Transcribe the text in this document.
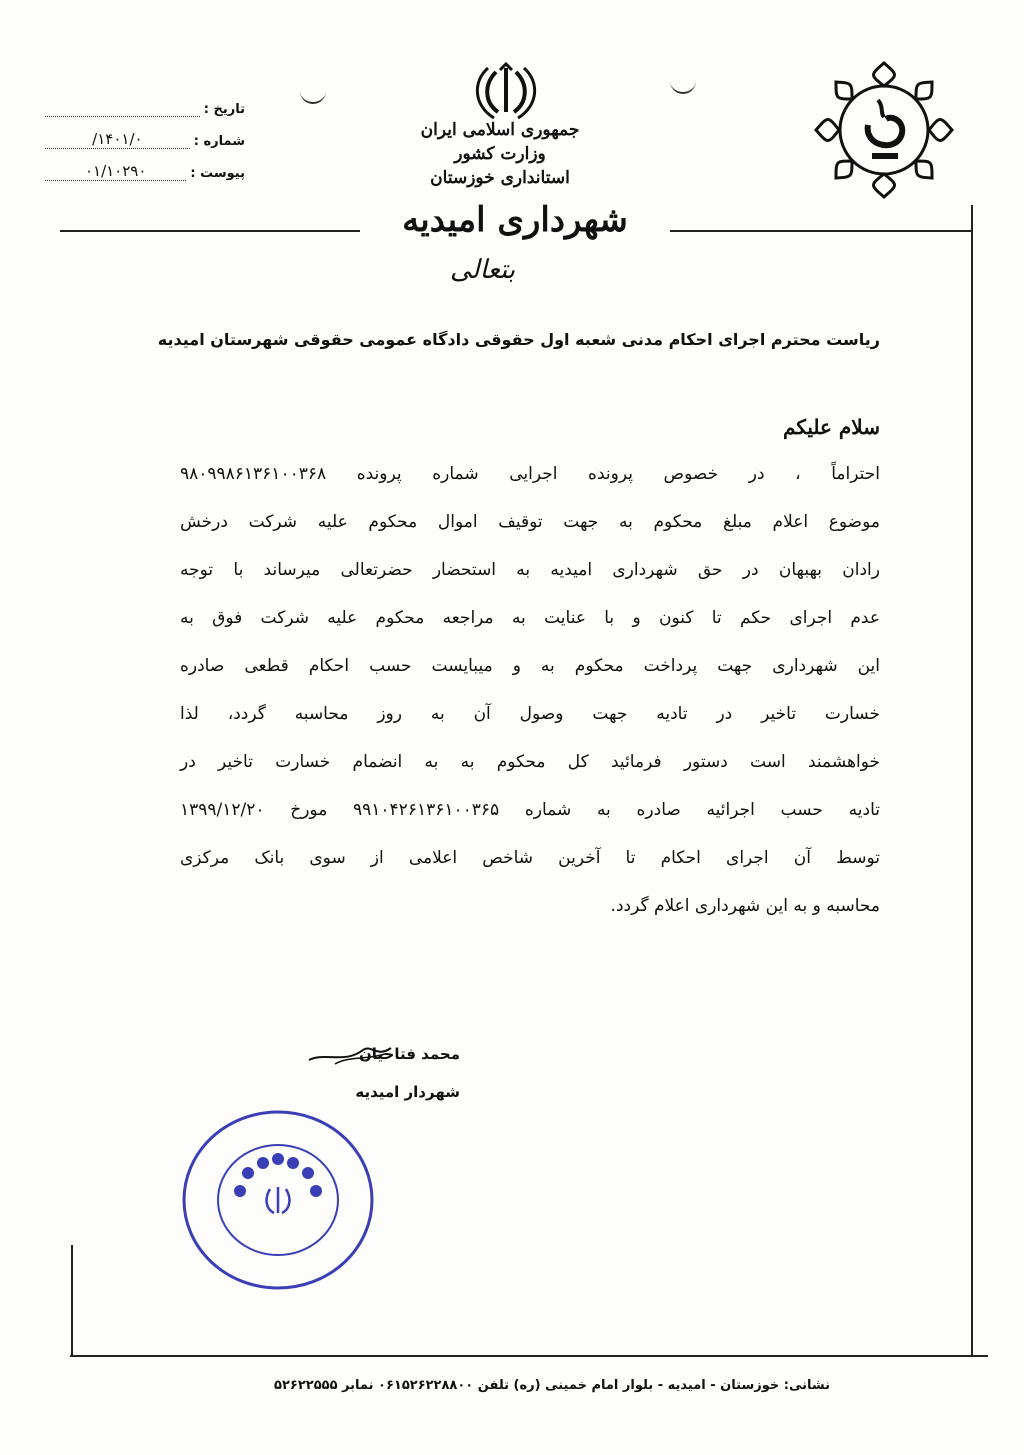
تاریخ :
شماره :
۱۴۰۱/۰/
پیوست :
۰۱/۱۰۲۹۰
جمهوری اسلامی ایران
وزارت کشور
استانداری خوزستان
شهرداری امیدیه
بتعالی
ریاست محترم اجرای احکام مدنی شعبه اول حقوقی دادگاه عمومی حقوقی شهرستان امیدیه
سلام علیکم
احتراماً ، در خصوص پرونده اجرایی شماره پرونده ۹۸۰۹۹۸۶۱۳۶۱۰۰۳۶۸
موضوع اعلام مبلغ محکوم به جهت توقیف اموال محکوم علیه شرکت درخش
رادان بهبهان در حق شهرداری امیدیه به استحضار حضرتعالی میرساند با توجه
عدم اجرای حکم تا کنون و با عنایت به مراجعه محکوم علیه شرکت فوق به
این شهرداری جهت پرداخت محکوم به و میبایست حسب احکام قطعی صادره
خسارت تاخیر در تادیه جهت وصول آن به روز محاسبه گردد، لذا
خواهشمند است دستور فرمائید کل محکوم به به انضمام خسارت تاخیر در
تادیه حسب اجرائیه صادره به شماره ۹۹۱۰۴۲۶۱۳۶۱۰۰۳۶۵ مورخ ۱۳۹۹/۱۲/۲۰
توسط آن اجرای احکام تا آخرین شاخص اعلامی از سوی بانک مرکزی
محاسبه و به این شهرداری اعلام گردد.
محمد فتاحیان
شهردار امیدیه
نشانی: خوزستان - امیدیه - بلوار امام خمینی (ره) تلفن ۰۶۱۵۲۶۲۲۸۸۰۰ نمابر ۵۲۶۲۲۵۵۵
